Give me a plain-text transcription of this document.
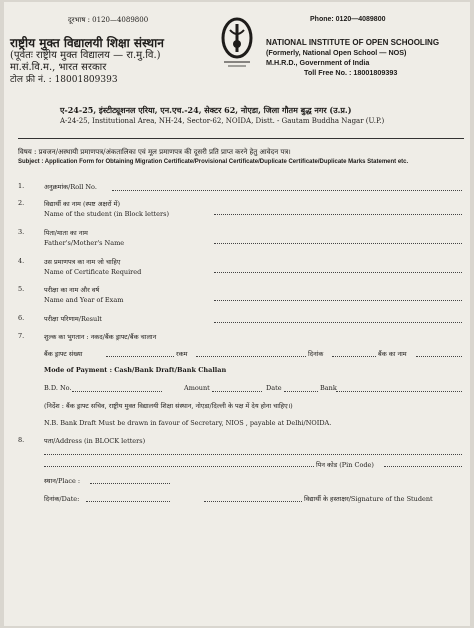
दूरभाष : 0120—4089800
राष्ट्रीय मुक्त विद्यालयी शिक्षा संस्थान
(पूर्वतः राष्ट्रीय मुक्त विद्यालय — रा.मु.वि.)
मा.सं.वि.म., भारत सरकार
टोल फ्री नं. : 18001809393
Phone: 0120—4089800
NATIONAL INSTITUTE OF OPEN SCHOOLING
(Formerly, National Open School — NOS)
M.H.R.D., Government of India
Toll Free No. : 18001809393
ए-24-25, इंस्टीट्यूशनल एरिया, एन.एच.-24, सेक्टर 62, नोएडा, जिला गौतम बुद्ध नगर (उ.प्र.)
A-24-25, Institutional Area, NH-24, Sector-62, NOIDA, Distt. - Gautam Buddha Nagar (U.P.)
विषय : प्रवजन/अस्थायी प्रमाणपत्र/अंकतालिका एवं मूल प्रमाणपत्र की दूसरी प्रति प्राप्त करने हेतु आवेदन पत्र।
Subject : Application Form for Obtaining Migration Certificate/Provisional Certificate/Duplicate Certificate/Duplicate Marks Statement etc.
1.	अनुक्रमांक/Roll No.
2.	विद्यार्थी का नाम (स्पष्ट अक्षरों में)
Name of the student (in Block letters)
3.	पिता/माता का नाम
Father's/Mother's Name
4.	उस प्रमाणपत्र का नाम जो चाहिए
Name of Certificate Required
5.	परीक्षा का नाम और वर्ष
Name and Year of Exam
6.	परीक्षा परिणाम/Result
7.	शुल्क का भुगतान : नकद/बैंक ड्राफ्ट/बैंक चालान
बैंक ड्राफ्ट संख्या	रकम	दिनांक	बैंक का नाम
Mode of Payment : Cash/Bank Draft/Bank Challan
B.D. No.	Amount	Date	Bank
(निर्देश : बैंक ड्राफ्ट सचिव, राष्ट्रीय मुक्त विद्यालयी शिक्षा संस्थान, नोएडा/दिल्ली के पक्ष में देय होना चाहिए।)
N.B. Bank Draft Must be drawn in favour of Secretary, NIOS , payable at Delhi/NOIDA.
8.	पता/Address (in BLOCK letters)
पिन कोड (Pin Code)
स्थान/Place :
दिनांक/Date:	विद्यार्थी के हस्ताक्षर/Signature of the Student
